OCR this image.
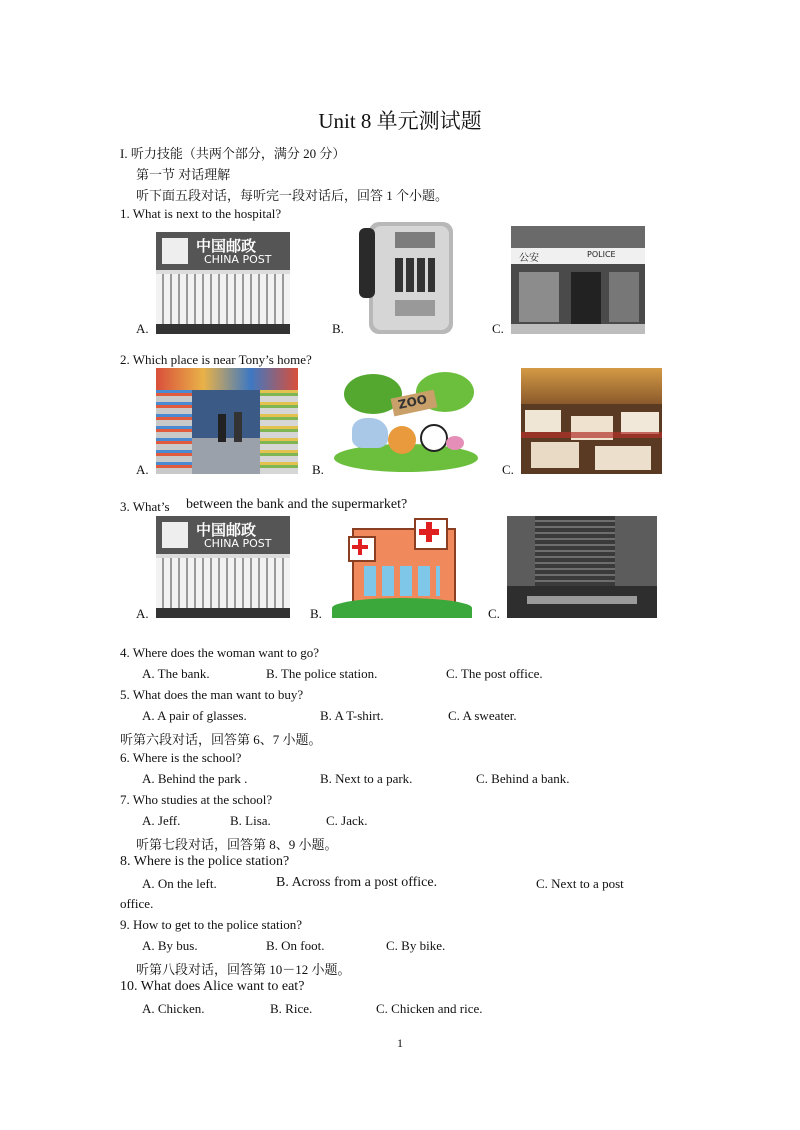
Unit 8 单元测试题
I. 听力技能（共两个部分，满分 20 分）
第一节 对话理解
听下面五段对话，每听完一段对话后，回答 1 个小题。
1. What is next to the hospital?
A.
中国邮政
CHINA POST
B.	C.
公安	POLICE
2. Which place is near Tony’s home?
A.	B.
ZOO
C.
3. What’s between the bank and the supermarket?
A.
中国邮政
CHINA POST
B.	C.
4. Where does the woman want to go?
A. The bank.	B. The police station.	C. The post office.
5. What does the man want to buy?
A. A pair of glasses.	B. A T-shirt.	C. A sweater.
听第六段对话，回答第 6、7 小题。
6. Where is the school?
A. Behind the park .	B. Next to a park.	C. Behind a bank.
7. Who studies at the school?
A. Jeff.	B. Lisa.	C. Jack.
听第七段对话，回答第 8、9 小题。
8. Where is the police station?
A. On the left.	B. Across from a post office.	C. Next to a post
office.
9. How to get to the police station?
A. By bus.	B. On foot.	C. By bike.
听第八段对话，回答第 10－12 小题。
10. What does Alice want to eat?
A. Chicken.	B. Rice.	C. Chicken and rice.
1
